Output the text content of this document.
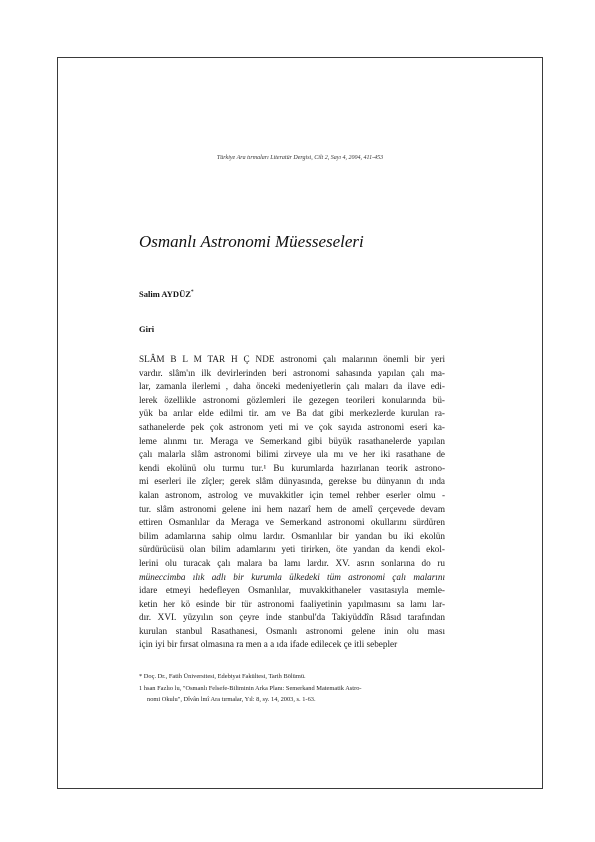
Türkiye Ara tırmaları Literatür Dergisi, Cilt 2, Sayı 4, 2004, 411-453
Osmanlı Astronomi Müesseseleri
Salim AYDÜZ*
Giri
SLÂM B L M TAR H Ç NDE astronomi çalı malarının önemli bir yeri
vardır. slâm'ın ilk devirlerinden beri astronomi sahasında yapılan çalı ma-
lar, zamanla ilerlemi , daha önceki medeniyetlerin çalı maları da ilave edi-
lerek özellikle astronomi gözlemleri ile gezegen teorileri konularında bü-
yük ba arılar elde edilmi tir. am ve Ba dat gibi merkezlerde kurulan ra-
sathanelerde pek çok astronom yeti mi ve çok sayıda astronomi eseri ka-
leme alınmı tır. Meraga ve Semerkand gibi büyük rasathanelerde yapılan
çalı malarla slâm astronomi bilimi zirveye ula mı ve her iki rasathane de
kendi ekolünü olu turmu tur.¹ Bu kurumlarda hazırlanan teorik astrono-
mi eserleri ile zîçler; gerek slâm dünyasında, gerekse bu dünyanın dı ında
kalan astronom, astrolog ve muvakkitler için temel rehber eserler olmu -
tur. slâm astronomi gelene ini hem nazarî hem de amelî çerçevede devam
ettiren Osmanlılar da Meraga ve Semerkand astronomi okullarını sürdüren
bilim adamlarına sahip olmu lardır. Osmanlılar bir yandan bu iki ekolün
sürdürücüsü olan bilim adamlarını yeti tirirken, öte yandan da kendi ekol-
lerini olu turacak çalı malara ba lamı lardır. XV. asrın sonlarına do ru
müneccimba ılık adlı bir kurumla ülkedeki tüm astronomi çalı malarını
idare etmeyi hedefleyen Osmanlılar, muvakkithaneler vasıtasıyla memle-
ketin her kö esinde bir tür astronomi faaliyetinin yapılmasını sa lamı lar-
dır. XVI. yüzyılın son çeyre inde stanbul'da Takiyüddîn Râsıd tarafından
kurulan stanbul Rasathanesi, Osmanlı astronomi gelene inin olu ması
için iyi bir fırsat olmasına ra men a a ıda ifade edilecek çe itli sebepler
* Doç. Dr., Fatih Üniversitesi, Edebiyat Fakültesi, Tarih Bölümü.
1 hsan Fazlıo lu, "Osmanlı Felsefe-Biliminin Arka Planı: Semerkand Matematik Astro-
nomi Okulu", Dîvân lmî Ara tırmalar, Yıl: 8, sy. 14, 2003, s. 1-63.
